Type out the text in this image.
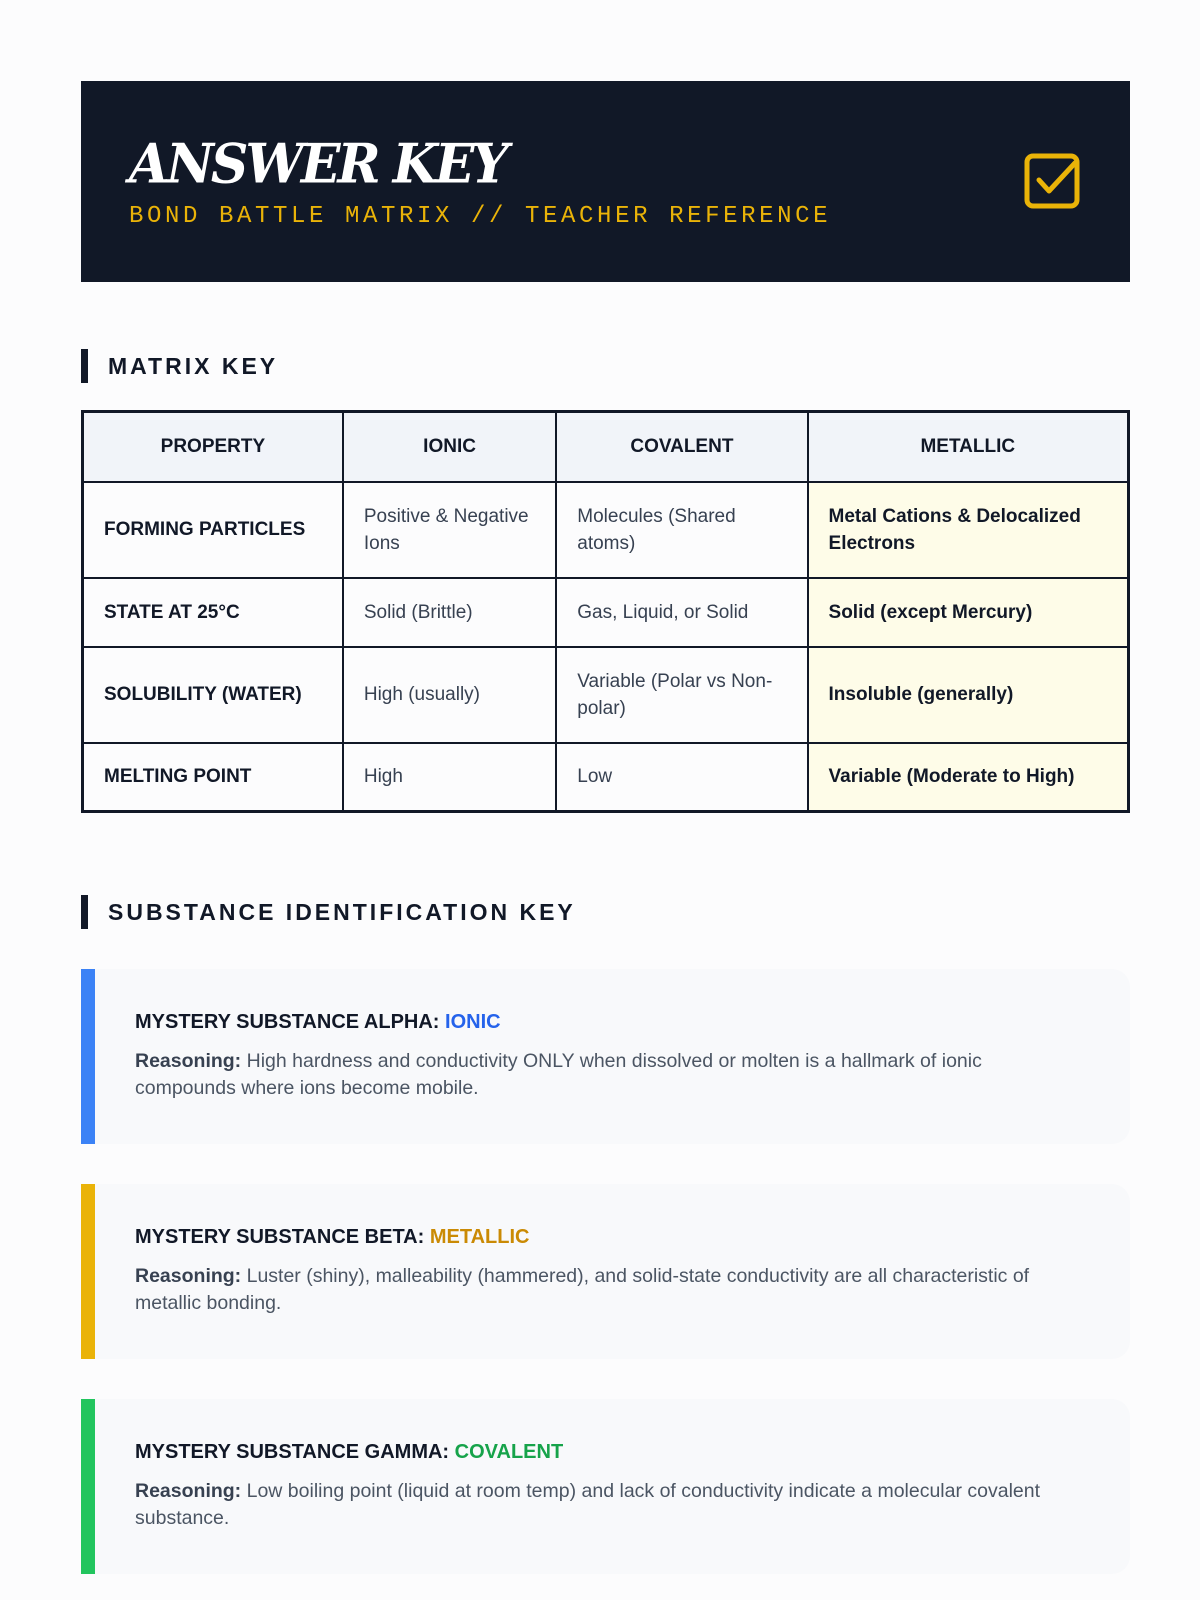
ANSWER KEY
BOND BATTLE MATRIX // TEACHER REFERENCE
MATRIX KEY
PROPERTY	IONIC	COVALENT	METALLIC
FORMING PARTICLES	Positive & Negative Ions	Molecules (Shared atoms)	Metal Cations & Delocalized Electrons
STATE AT 25°C	Solid (Brittle)	Gas, Liquid, or Solid	Solid (except Mercury)
SOLUBILITY (WATER)	High (usually)	Variable (Polar vs Non-polar)	Insoluble (generally)
MELTING POINT	High	Low	Variable (Moderate to High)
SUBSTANCE IDENTIFICATION KEY
MYSTERY SUBSTANCE ALPHA: IONIC
Reasoning: High hardness and conductivity ONLY when dissolved or molten is a hallmark of ionic compounds where ions become mobile.
MYSTERY SUBSTANCE BETA: METALLIC
Reasoning: Luster (shiny), malleability (hammered), and solid-state conductivity are all characteristic of metallic bonding.
MYSTERY SUBSTANCE GAMMA: COVALENT
Reasoning: Low boiling point (liquid at room temp) and lack of conductivity indicate a molecular covalent substance.
